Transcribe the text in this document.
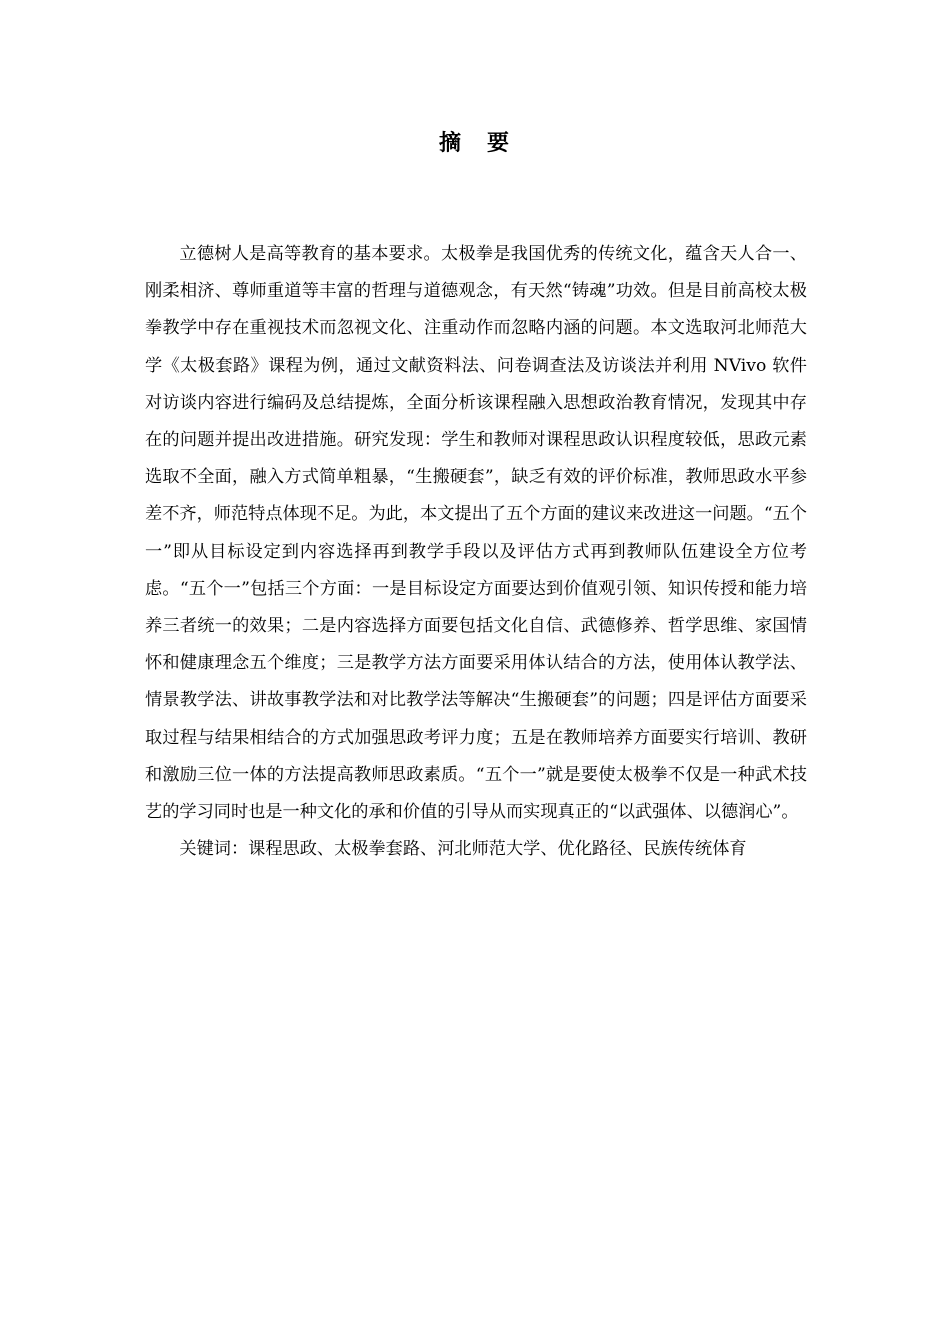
摘 要

立德树人是高等教育的基本要求。太极拳是我国优秀的传统文化，蕴含天人合一、刚柔相济、尊师重道等丰富的哲理与道德观念，有天然“铸魂”功效。但是目前高校太极拳教学中存在重视技术而忽视文化、注重动作而忽略内涵的问题。本文选取河北师范大学《太极套路》课程为例，通过文献资料法、问卷调查法及访谈法并利用 NVivo 软件对访谈内容进行编码及总结提炼，全面分析该课程融入思想政治教育情况，发现其中存在的问题并提出改进措施。研究发现：学生和教师对课程思政认识程度较低，思政元素选取不全面，融入方式简单粗暴，“生搬硬套”，缺乏有效的评价标准，教师思政水平参差不齐，师范特点体现不足。为此，本文提出了五个方面的建议来改进这一问题。“五个一”即从目标设定到内容选择再到教学手段以及评估方式再到教师队伍建设全方位考虑。“五个一”包括三个方面：一是目标设定方面要达到价值观引领、知识传授和能力培养三者统一的效果；二是内容选择方面要包括文化自信、武德修养、哲学思维、家国情怀和健康理念五个维度；三是教学方法方面要采用体认结合的方法，使用体认教学法、情景教学法、讲故事教学法和对比教学法等解决“生搬硬套”的问题；四是评估方面要采取过程与结果相结合的方式加强思政考评力度；五是在教师培养方面要实行培训、教研和激励三位一体的方法提高教师思政素质。“五个一”就是要使太极拳不仅是一种武术技艺的学习同时也是一种文化的承和价值的引导从而实现真正的“以武强体、以德润心”。

关键词：课程思政、太极拳套路、河北师范大学、优化路径、民族传统体育
